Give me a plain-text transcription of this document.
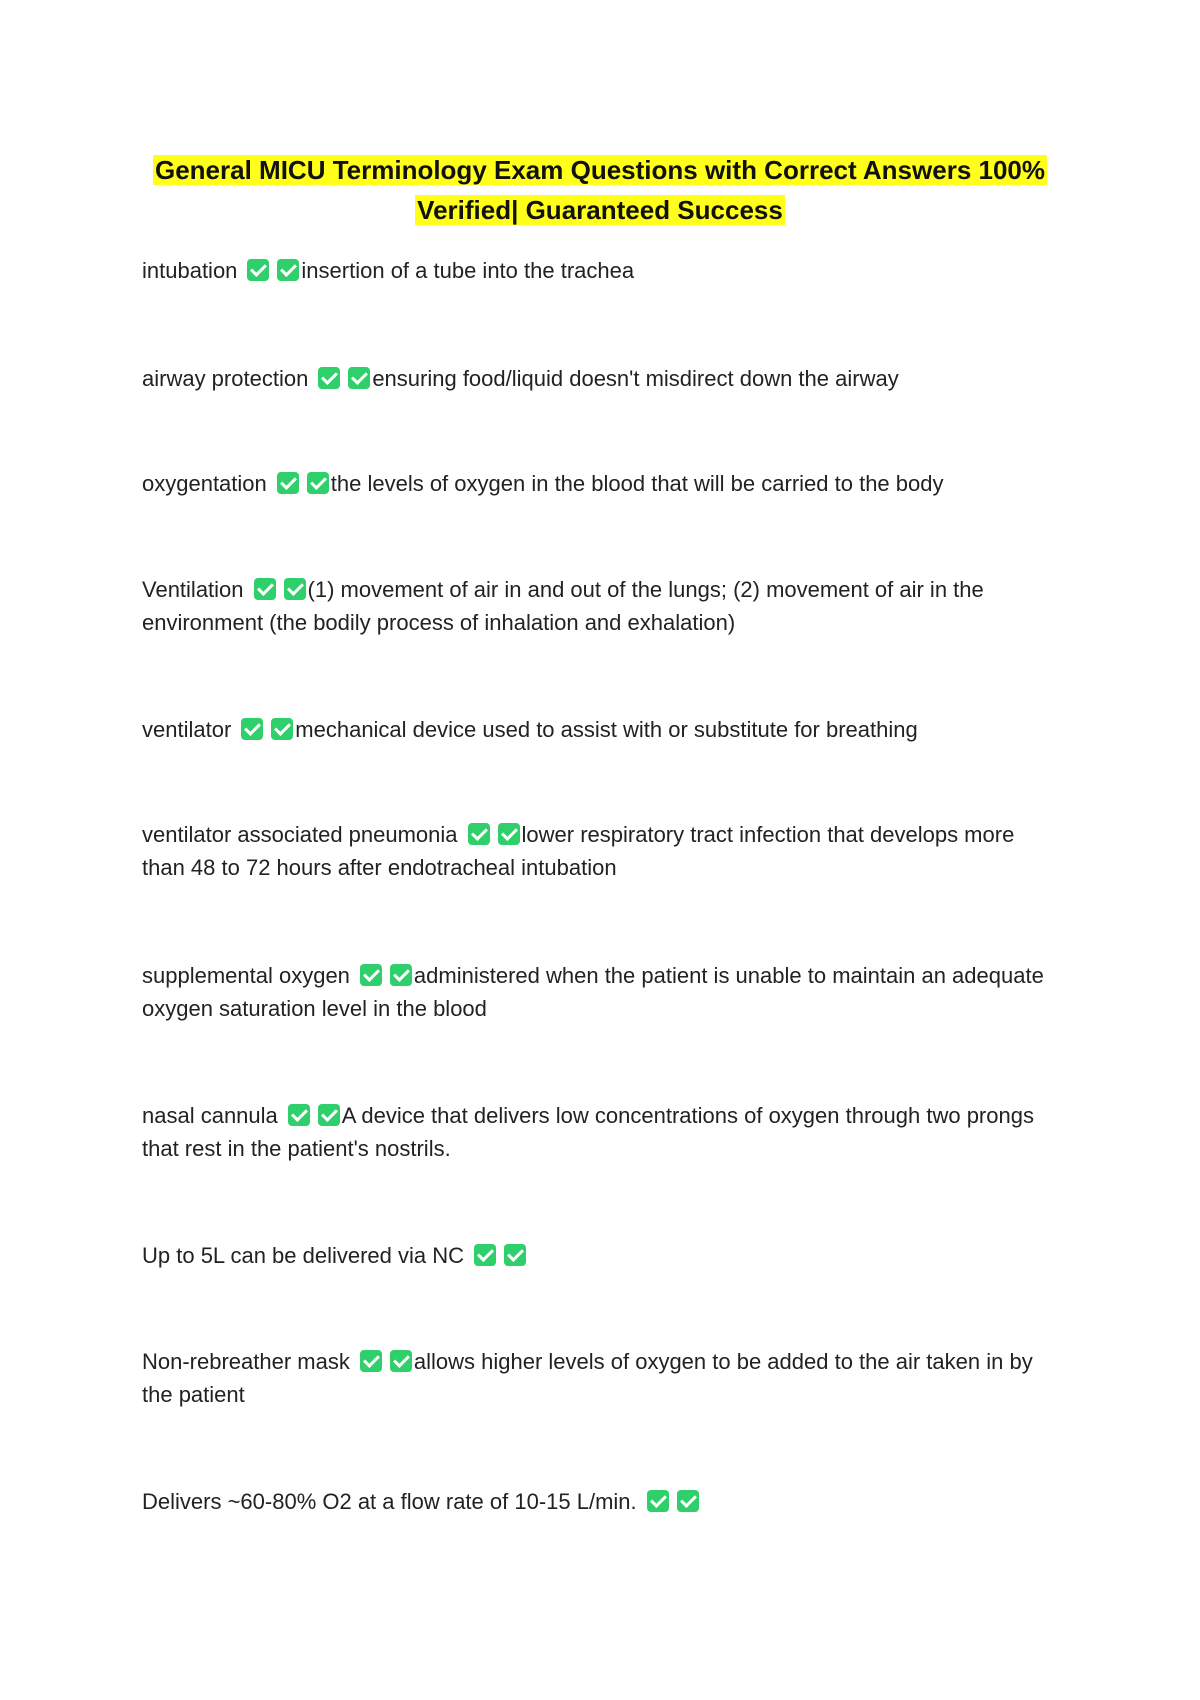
General MICU Terminology Exam Questions with Correct Answers 100%
Verified| Guaranteed Success
intubation	insertion of a tube into the trachea
airway protection	ensuring food/liquid doesn't misdirect down the airway
oxygentation	the levels of oxygen in the blood that will be carried to the body
Ventilation	(1) movement of air in and out of the lungs; (2) movement of air in the environment (the bodily process of inhalation and exhalation)
ventilator	mechanical device used to assist with or substitute for breathing
ventilator associated pneumonia	lower respiratory tract infection that develops more than 48 to 72 hours after endotracheal intubation
supplemental oxygen	administered when the patient is unable to maintain an adequate oxygen saturation level in the blood
nasal cannula	A device that delivers low concentrations of oxygen through two prongs that rest in the patient's nostrils.
Up to 5L can be delivered via NC
Non-rebreather mask	allows higher levels of oxygen to be added to the air taken in by the patient
Delivers ~60-80% O2 at a flow rate of 10-15 L/min.
